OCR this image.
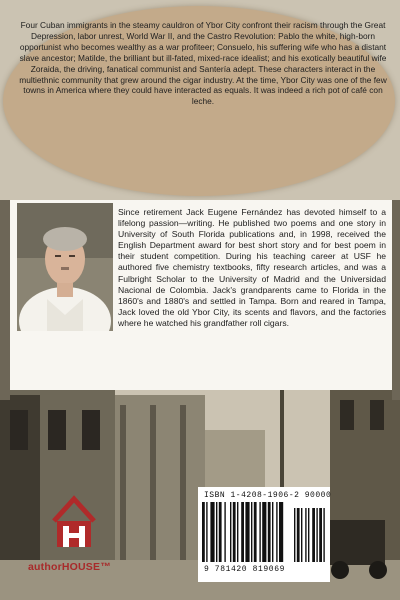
Four Cuban immigrants in the steamy cauldron of Ybor City confront their racism through the Great Depression, labor unrest, World War II, and the Castro Revolution: Pablo the white, high-born opportunist who becomes wealthy as a war profiteer; Consuelo, his suffering wife who has a distant slave ancestor; Matilde, the brilliant but ill-fated, mixed-race idealist; and his exotically beautiful wife Zoraida, the driving, fanatical communist and Santería adept. These characters interact in the multiethnic community that grew around the cigar industry. At the time, Ybor City was one of the few towns in America where they could have interacted as equals. It was indeed a rich pot of café con leche.

Since retirement Jack Eugene Fernández has devoted himself to a lifelong passion—writing. He published two poems and one story in University of South Florida publications and, in 1998, received the English Department award for best short story and for best poem in their student competition. During his teaching career at USF he authored five chemistry textbooks, fifty research articles, and was a Fulbright Scholar to the University of Madrid and the Universidad Nacional de Colombia. Jack's grandparents came to Florida in the 1860's and 1880's and settled in Tampa. Born and reared in Tampa, Jack loved the old Ybor City, its scents and flavors, and the factories where he watched his grandfather roll cigars.

authorHOUSE™

ISBN 1-4208-1906-2 90000

9 781420 819069
